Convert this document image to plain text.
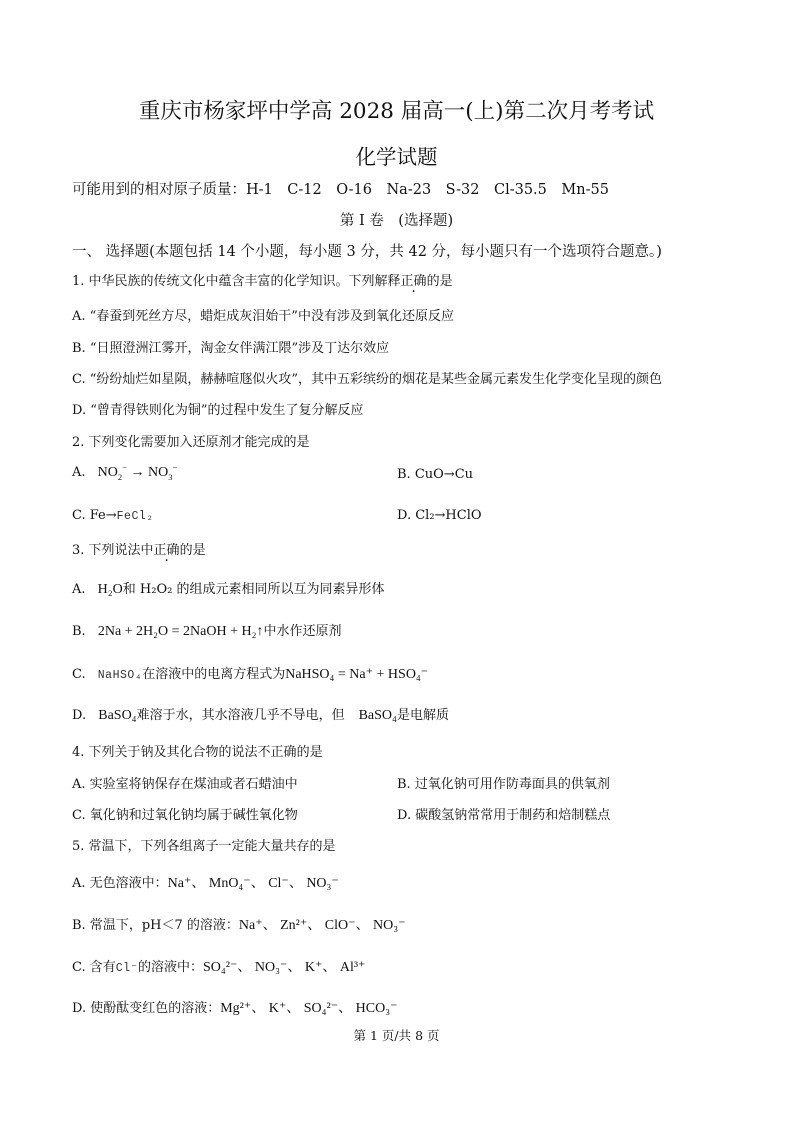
重庆市杨家坪中学高 2028 届高一(上)第二次月考考试
化学试题
可能用到的相对原子质量：H-1　C-12　O-16　Na-23　S-32　Cl-35.5　Mn-55
第 I 卷　(选择题)
一、 选择题(本题包括 14 个小题，每小题 3 分，共 42 分，每小题只有一个选项符合题意。)
1. 中华民族的传统文化中蕴含丰富的化学知识。下列解释正确的是
A. “春蚕到死丝方尽，蜡炬成灰泪始干”中没有涉及到氧化还原反应
B. “日照澄洲江雾开，淘金女伴满江隈”涉及丁达尔效应
C. “纷纷灿烂如星陨，赫赫喧豗似火攻”，其中五彩缤纷的烟花是某些金属元素发生化学变化呈现的颜色
D. “曾青得铁则化为铜”的过程中发生了复分解反应
2. 下列变化需要加入还原剂才能完成的是
A. $NO_2^- \to NO_3^-$	B. CuO→Cu
C. Fe→FeCl₂	D. Cl₂→HClO
3. 下列说法中正确的是
A. H₂O和 H₂O₂ 的组成元素相同所以互为同素异形体
B. 2Na + 2H₂O = 2NaOH + H₂↑中水作还原剂
C. NaHSO₄在溶液中的电离方程式为NaHSO₄ = Na⁺ + HSO₄⁻
D. BaSO₄难溶于水，其水溶液几乎不导电，但 BaSO₄是电解质
4. 下列关于钠及其化合物的说法不正确的是
A. 实验室将钠保存在煤油或者石蜡油中	B. 过氧化钠可用作防毒面具的供氧剂
C. 氧化钠和过氧化钠均属于碱性氧化物	D. 碳酸氢钠常常用于制药和焙制糕点
5. 常温下，下列各组离子一定能大量共存的是
A. 无色溶液中：Na⁺、 MnO₄⁻、 Cl⁻、 NO₃⁻
B. 常温下，pH＜7 的溶液：Na⁺、 Zn²⁺、 ClO⁻、 NO₃⁻
C. 含有Cl⁻的溶液中：SO₄²⁻、 NO₃⁻、 K⁺、 Al³⁺
D. 使酚酞变红色的溶液：Mg²⁺、 K⁺、 SO₄²⁻、 HCO₃⁻
第 1 页/共 8 页
